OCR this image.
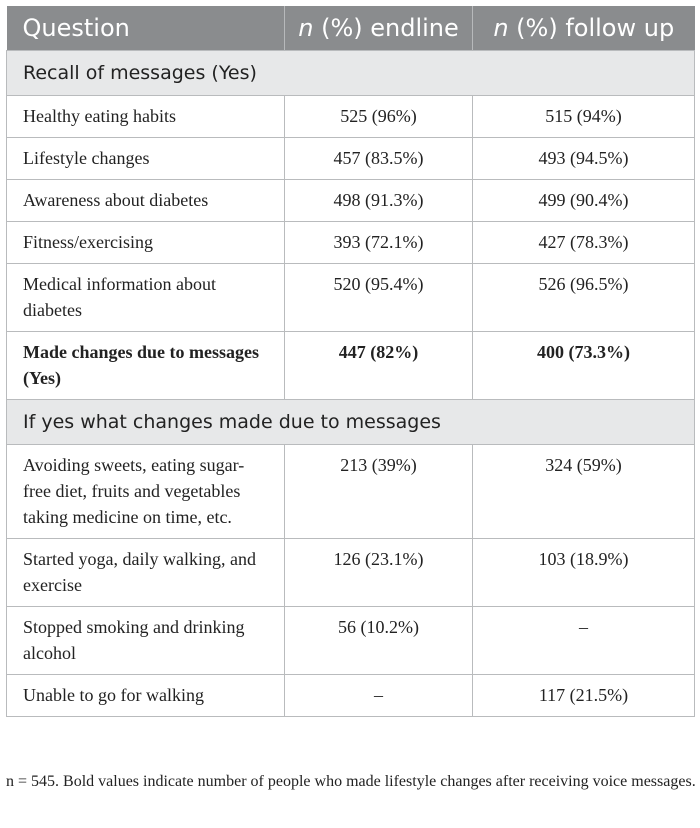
Question	n (%) endline	n (%) follow up
Recall of messages (Yes)		
Healthy eating habits	525 (96%)	515 (94%)
Lifestyle changes	457 (83.5%)	493 (94.5%)
Awareness about diabetes	498 (91.3%)	499 (90.4%)
Fitness/exercising	393 (72.1%)	427 (78.3%)
Medical information about diabetes	520 (95.4%)	526 (96.5%)
Made changes due to messages (Yes)	447 (82%)	400 (73.3%)
If yes what changes made due to messages		
Avoiding sweets, eating sugar-free diet, fruits and vegetables taking medicine on time, etc.	213 (39%)	324 (59%)
Started yoga, daily walking, and exercise	126 (23.1%)	103 (18.9%)
Stopped smoking and drinking alcohol	56 (10.2%)	–
Unable to go for walking	–	117 (21.5%)

n = 545. Bold values indicate number of people who made lifestyle changes after receiving voice messages.
